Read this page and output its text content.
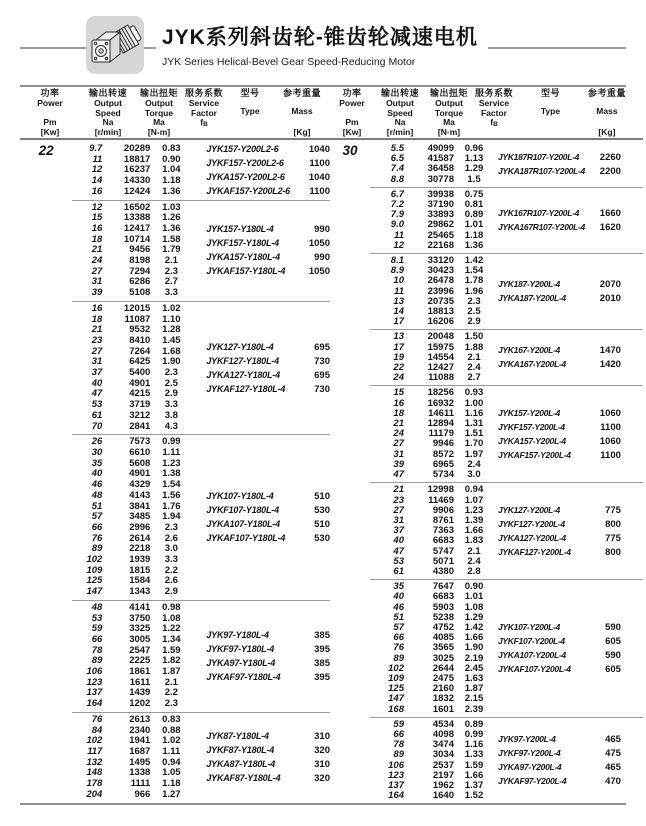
JYK系列斜齿轮-锥齿轮减速电机
JYK Series Helical-Bevel Gear Speed-Reducing Motor
功率
Power
Pm
[Kw]
输出转速
Output
Speed
Na
[r/min]
输出扭矩
Output
Torque
Ma
[N-m]
服务系数
Service
Factor
fB
型号
Type
参考重量
Mass
[Kg]
22	9.7	20289	0.83
11	18817	0.90
12	16237	1.04
14	14330	1.18
16	12424	1.36
JYK157-Y200L2-6	1040
JYKF157-Y200L2-6	1100
JYKA157-Y200L2-6	1040
JYKAF157-Y200L2-6	1100
12	16502	1.03
15	13388	1.26
16	12417	1.36
18	10714	1.58
21	9456	1.79
24	8198	2.1
27	7294	2.3
31	6286	2.7
39	5108	3.3
JYK157-Y180L-4	990
JYKF157-Y180L-4	1050
JYKA157-Y180L-4	990
JYKAF157-Y180L-4	1050
16	12015	1.02
18	11087	1.10
21	9532	1.28
23	8410	1.45
27	7264	1.68
31	6425	1.90
37	5400	2.3
40	4901	2.5
47	4215	2.9
53	3719	3.3
61	3212	3.8
70	2841	4.3
JYK127-Y180L-4	695
JYKF127-Y180L-4	730
JYKA127-Y180L-4	695
JYKAF127-Y180L-4	730
26	7573	0.99
30	6610	1.11
35	5608	1.23
40	4901	1.38
46	4329	1.54
48	4143	1.56
51	3841	1.76
57	3485	1.94
66	2996	2.3
76	2614	2.6
89	2218	3.0
102	1939	3.3
109	1815	2.2
125	1584	2.6
147	1343	2.9
JYK107-Y180L-4	510
JYKF107-Y180L-4	530
JYKA107-Y180L-4	510
JYKAF107-Y180L-4	530
48	4141	0.98
53	3750	1.08
59	3325	1.22
66	3005	1.34
78	2547	1.59
89	2225	1.82
106	1861	1.87
123	1611	2.1
137	1439	2.2
164	1202	2.3
JYK97-Y180L-4	385
JYKF97-Y180L-4	395
JYKA97-Y180L-4	385
JYKAF97-Y180L-4	395
76	2613	0.83
84	2340	0.88
102	1941	1.02
117	1687	1.11
132	1495	0.94
148	1338	1.05
178	1111	1.18
204	966	1.27
JYK87-Y180L-4	310
JYKF87-Y180L-4	320
JYKA87-Y180L-4	310
JYKAF87-Y180L-4	320
功率
Power
Pm
[Kw]
输出转速
Output
Speed
Na
[r/min]
输出扭矩
Output
Torque
Ma
[N·m]
服务系数
Service
Factor
fB
型号
Type
参考重量
Mass
[Kg]
30	5.5	49099	0.96
6.5	41587	1.13
7.4	36458	1.29
8.8	30778	1.5
JYK187R107-Y200L-4	2260
JYKA187R107-Y200L-4	2200
6.7	39938	0.75
7.2	37190	0.81
7.9	33893	0.89
9.0	29862	1.01
11	25465	1.18
12	22168	1.36
JYK167R107-Y200L-4	1660
JYKA167R107-Y200L-4	1620
8.1	33120	1.42
8.9	30423	1.54
10	26478	1.78
11	23996	1.96
13	20735	2.3
14	18813	2.5
17	16206	2.9
JYK187-Y200L-4	2070
JYKA187-Y200L-4	2010
13	20048	1.50
17	15975	1.88
19	14554	2.1
22	12427	2.4
24	11088	2.7
JYK167-Y200L-4	1470
JYKA167-Y200L-4	1420
15	18256	0.93
16	16932	1.00
18	14611	1.16
21	12894	1.31
24	11179	1.51
27	9946	1.70
31	8572	1.97
39	6965	2.4
47	5734	3.0
JYK157-Y200L-4	1060
JYKF157-Y200L-4	1100
JYKA157-Y200L-4	1060
JYKAF157-Y200L-4	1100
21	12998	0.94
23	11469	1.07
27	9906	1.23
31	8761	1.39
37	7363	1.66
40	6683	1.83
47	5747	2.1
53	5071	2.4
61	4380	2.8
JYK127-Y200L-4	775
JYKF127-Y200L-4	800
JYKA127-Y200L-4	775
JYKAF127-Y200L-4	800
35	7647	0.90
40	6683	1.01
46	5903	1.08
51	5238	1.29
57	4752	1.42
66	4085	1.66
76	3565	1.90
89	3025	2.19
102	2644	2.45
109	2475	1.63
125	2160	1.87
147	1832	2.15
168	1601	2.39
JYK107-Y200L-4	590
JYKF107-Y200L-4	605
JYKA107-Y200L-4	590
JYKAF107-Y200L-4	605
59	4534	0.89
66	4098	0.99
78	3474	1.16
89	3034	1.33
106	2537	1.59
123	2197	1.66
137	1962	1.37
164	1640	1.52
JYK97-Y200L-4	465
JYKF97-Y200L-4	475
JYKA97-Y200L-4	465
JYKAF97-Y200L-4	470
